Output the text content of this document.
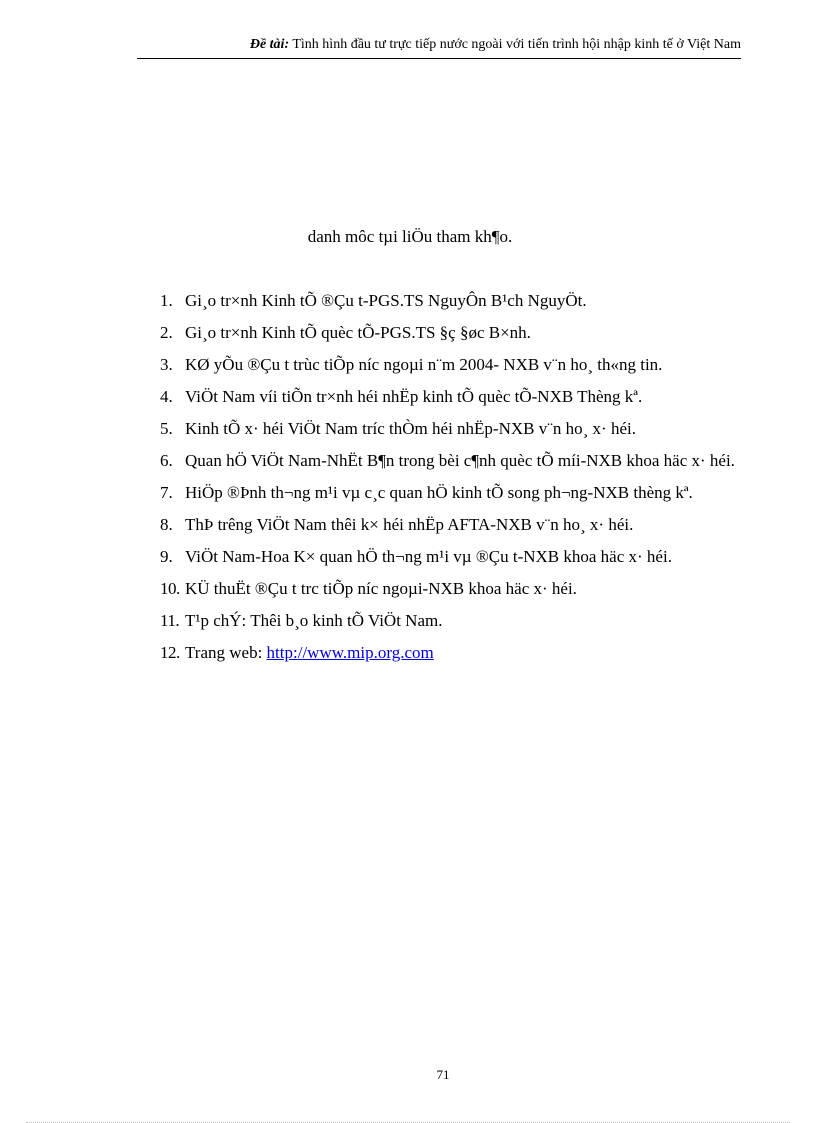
Đề tài: Tình hình đầu tư trực tiếp nước ngoài với tiến trình hội nhập kinh tế ở Việt Nam
danh môc tµi liÖu tham kh¶o.
1. Gi¸o tr×nh Kinh tÕ ®Çu t-PGS.TS NguyÔn B¹ch NguyÖt.
2. Gi¸o tr×nh Kinh tÕ quèc tÕ-PGS.TS §ç §øc B×nh.
3. KØ yÕu ®Çu t trùc tiÕp níc ngoµi n¨m 2004- NXB v¨n ho¸ th«ng tin.
4. ViÖt Nam víi tiÕn tr×nh héi nhËp kinh tÕ quèc tÕ-NXB Thèng kª.
5. Kinh tÕ x· héi ViÖt Nam tríc thÒm héi nhËp-NXB v¨n ho¸ x· héi.
6. Quan hÖ ViÖt Nam-NhËt B¶n trong bèi c¶nh quèc tÕ míi-NXB khoa häc x· héi.
7. HiÖp ®Þnh th¬ng m¹i vµ c¸c quan hÖ kinh tÕ song ph¬ng-NXB thèng kª.
8. ThÞ trêng ViÖt Nam thêi k× héi nhËp AFTA-NXB v¨n ho¸ x· héi.
9. ViÖt Nam-Hoa K× quan hÖ th¬ng m¹i vµ ®Çu t-NXB khoa häc x· héi.
10. KÜ thuËt ®Çu t trc tiÕp níc ngoµi-NXB khoa häc x· héi.
11. T¹p chÝ: Thêi b¸o kinh tÕ ViÖt Nam.
12. Trang web: http://www.mip.org.com
71
